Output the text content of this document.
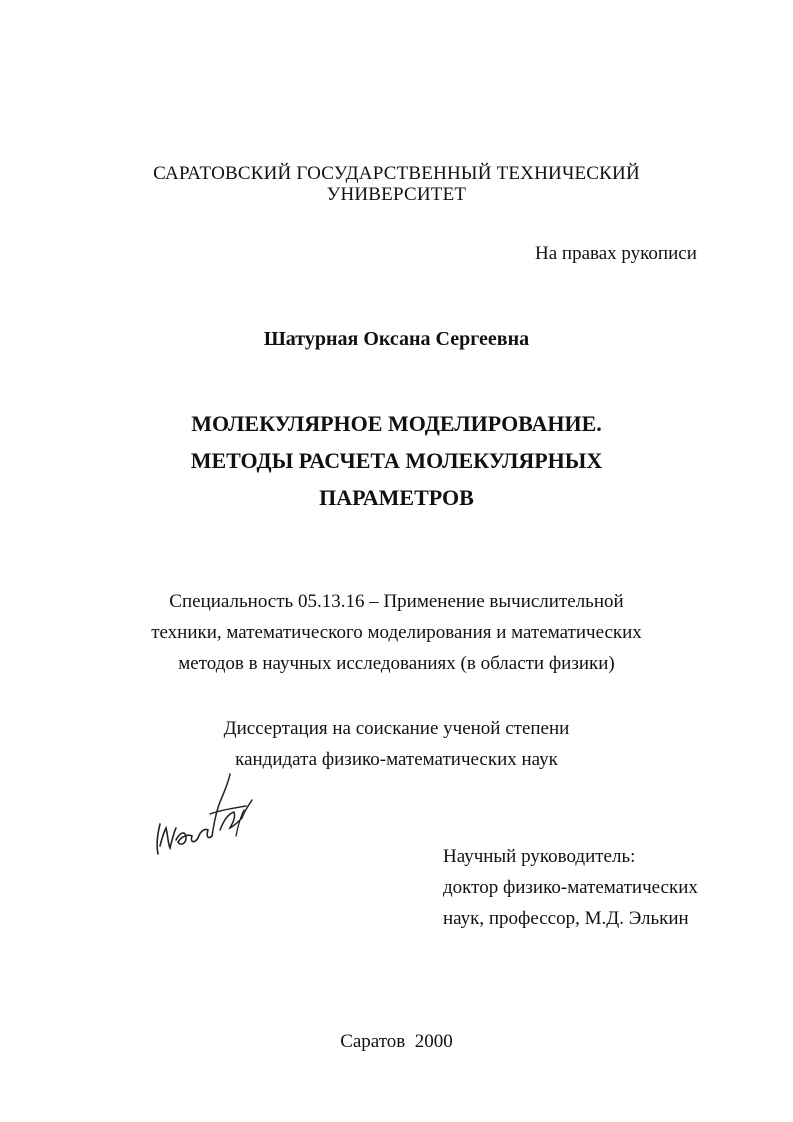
САРАТОВСКИЙ ГОСУДАРСТВЕННЫЙ ТЕХНИЧЕСКИЙ
УНИВЕРСИТЕТ
На правах рукописи
Шатурная Оксана Сергеевна
МОЛЕКУЛЯРНОЕ МОДЕЛИРОВАНИЕ.
МЕТОДЫ РАСЧЕТА МОЛЕКУЛЯРНЫХ
ПАРАМЕТРОВ
Специальность 05.13.16 – Применение вычислительной
техники, математического моделирования и математических
методов в научных исследованиях (в области физики)
Диссертация на соискание ученой степени
кандидата физико-математических наук
Научный руководитель:
доктор физико-математических
наук, профессор, М.Д. Элькин
Саратов  2000
